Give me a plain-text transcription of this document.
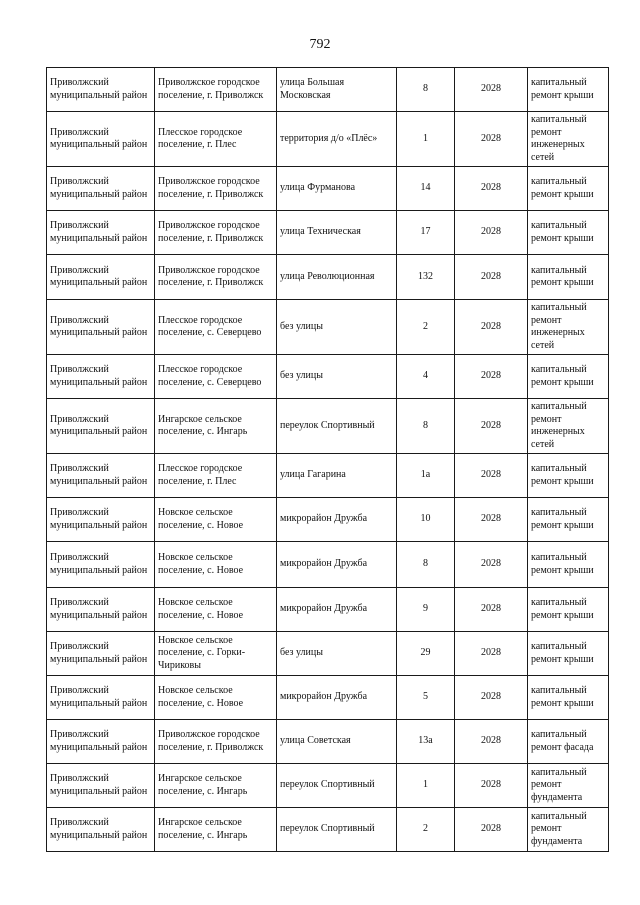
792
Приволжский муниципальный район	Приволжское городское поселение, г. Приволжск	улица Большая Московская	8	2028	капитальный ремонт крыши
Приволжский муниципальный район	Плесское городское поселение, г. Плес	территория д/о «Плёс»	1	2028	капитальный ремонт инженерных сетей
Приволжский муниципальный район	Приволжское городское поселение, г. Приволжск	улица Фурманова	14	2028	капитальный ремонт крыши
Приволжский муниципальный район	Приволжское городское поселение, г. Приволжск	улица Техническая	17	2028	капитальный ремонт крыши
Приволжский муниципальный район	Приволжское городское поселение, г. Приволжск	улица Революционная	132	2028	капитальный ремонт крыши
Приволжский муниципальный район	Плесское городское поселение, с. Северцево	без улицы	2	2028	капитальный ремонт инженерных сетей
Приволжский муниципальный район	Плесское городское поселение, с. Северцево	без улицы	4	2028	капитальный ремонт крыши
Приволжский муниципальный район	Ингарское сельское поселение, с. Ингарь	переулок Спортивный	8	2028	капитальный ремонт инженерных сетей
Приволжский муниципальный район	Плесское городское поселение, г. Плес	улица Гагарина	1а	2028	капитальный ремонт крыши
Приволжский муниципальный район	Новское сельское поселение, с. Новое	микрорайон Дружба	10	2028	капитальный ремонт крыши
Приволжский муниципальный район	Новское сельское поселение, с. Новое	микрорайон Дружба	8	2028	капитальный ремонт крыши
Приволжский муниципальный район	Новское сельское поселение, с. Новое	микрорайон Дружба	9	2028	капитальный ремонт крыши
Приволжский муниципальный район	Новское сельское поселение, с. Горки-Чириковы	без улицы	29	2028	капитальный ремонт крыши
Приволжский муниципальный район	Новское сельское поселение, с. Новое	микрорайон Дружба	5	2028	капитальный ремонт крыши
Приволжский муниципальный район	Приволжское городское поселение, г. Приволжск	улица Советская	13а	2028	капитальный ремонт фасада
Приволжский муниципальный район	Ингарское сельское поселение, с. Ингарь	переулок Спортивный	1	2028	капитальный ремонт фундамента
Приволжский муниципальный район	Ингарское сельское поселение, с. Ингарь	переулок Спортивный	2	2028	капитальный ремонт фундамента
